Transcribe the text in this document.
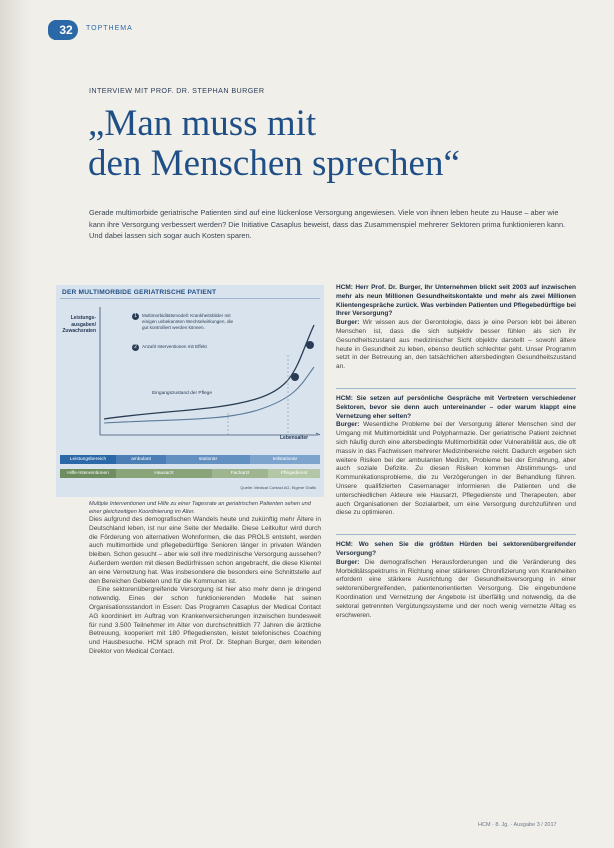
32	TOPTHEMA
INTERVIEW MIT PROF. DR. STEPHAN BURGER
„Man muss mit
den Menschen sprechen“
Gerade multimorbide geriatrische Patienten sind auf eine lückenlose Versorgung angewiesen. Viele von ihnen leben heute zu Hause – aber wie kann ihre Versorgung verbessert werden? Die Initiative Casaplus beweist, dass das Zusammenspiel mehrerer Sektoren prima funktionieren kann. Und dabei lassen sich sogar auch Kosten sparen.
DER MULTIMORBIDE GERIATRISCHE PATIENT
Leistungs-ausgaben/ Zuwachsraten
1	Multimorbiditätsmodell: Krankheitsbilder mit einigen unbekannten Wechselwirkungen, die gut kontrolliert werden können.
2	Anzahl Interventionen mit Effekt
Eingangszustand der Pflege
Lebensalter
Leistungsbereich	ambulant	stationär	teilstationär
Hilfe-Interventionen	Hausarzt	Facharzt	Pflegedienst
Quelle: Medical Contact AG, Eigene Grafik
Multiple Interventionen und Hilfe zu einer Tagesrate an geriatrischen Patienten sehen und einer gleichzeitigen Koordinierung im Alter.

Dies aufgrund des demografischen Wandels heute und zukünftig mehr Ältere in Deutschland leben, ist nur eine Seite der Medaille. Diese Leitkultur wird durch die Förderung von alternativen Wohnformen, die das PROLS entsteht, werden auch multimorbide und pflegebedürftige Senioren länger in privaten Wänden bleiben. Schon gesucht – aber wie soll ihre medizinische Versorgung aussehen? Außerdem werden mit diesen Bedürfnissen schon angebracht, die diese Klientel an eine Vernetzung hat. Was insbesondere die besonders eine Schnittstelle auf den Bereichen Gebieten und für die Kommunen ist.

Eine sektorenübergreifende Versorgung ist hier also mehr denn je dringend notwendig. Eines der schon funktionierenden Modelle hat seinen Organisationsstandort in Essen: Das Programm Casaplus der Medical Contact AG koordiniert im Auftrag von Krankenversicherungen inzwischen bundesweit für rund 3.500 Teilnehmer im Alter von durchschnittlich 77 Jahren die ärztliche Betreuung, kooperiert mit 180 Pflegediensten, leistet telefonisches Coaching und Hausbesuche. HCM sprach mit Prof. Dr. Stephan Burger, dem leitenden Direktor von Medical Contact.

HCM: Herr Prof. Dr. Burger, Ihr Unternehmen blickt seit 2003 auf inzwischen mehr als neun Millionen Gesundheitskontakte und mehr als zwei Millionen Klientengespräche zurück. Was verbinden Patienten und Pflegebedürftige bei Ihrer Versorgung?

Burger: Wir wissen aus der Gerontologie, dass je eine Person lebt bei älteren Menschen ist, dass die sich subjektiv besser fühlen als sich ihr Gesundheitszustand aus medizinischer Sicht objektiv darstellt – sowohl ältere heute in Gesundheit zu leben, ebenso deutlich schlechter geht. Unser Programm setzt in der Betreuung an, den tatsächlichen altersbedingten Gesundheitszustand an.

HCM: Sie setzen auf persönliche Gespräche mit Vertretern verschiedener Sektoren, bevor sie denn auch untereinander – oder warum klappt eine Vernetzung eher selten?

Burger: Wesentliche Probleme bei der Versorgung älterer Menschen sind der Umgang mit Multimorbidität und Polypharmazie. Der geriatrische Patient zeichnet sich häufig durch eine altersbedingte Multimorbidität oder Vulnerabilität aus, die oft massiv in das Fachwissen mehrerer Medizinbereiche reicht. Dadurch ergeben sich weitere Risiken bei der ambulanten Medizin, Probleme bei der Ernährung, aber auch soziale Defizite. Zu diesen Risiken kommen Abstimmungs- und Kommunikationsprobleme, die zu Verzögerungen in der Behandlung führen. Unsere qualifizierten Casemanager informieren die Patienten und die unterschiedlichen Akteure wie Hausarzt, Pflegedienste und Therapeuten, aber auch Organisationen der Sozialarbeit, um eine Versorgung durchzuführen und diese zu optimieren.

HCM: Wo sehen Sie die größten Hürden bei sektorenübergreifender Versorgung?

Burger: Die demografischen Herausforderungen und die Veränderung des Morbiditätsspektrums in Richtung einer stärkeren Chronifizierung von Krankheiten erfordern eine stärkere Ausrichtung der Gesundheitsversorgung in einer sektorenübergreifenden, patientenorientierten Versorgung. Die eingebundene Koordination und Vernetzung der Angebote ist überfällig und notwendig, da die sektoral getrennten Vergütungssysteme und der noch wenig vernetzte Alltag es erschweren.

HCM · 8. Jg. · Ausgabe 3 / 2017
